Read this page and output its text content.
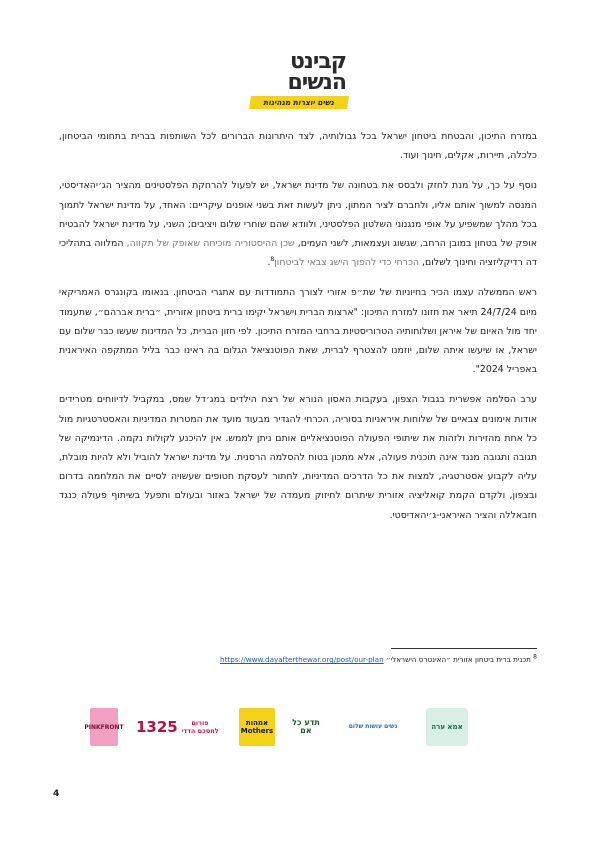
קבינט
הנשים
נשים יוצרות מנהיגות

במזרח התיכון, והבטחת ביטחון ישראל בכל גבולותיה, לצד היתרונות הברורים לכל השותפות בברית בתחומי הביטחון, כלכלה, תיירות, אקלים, חינוך ועוד.

נוסף על כך, על מנת לחזק ולבסס את בטחונה של מדינת ישראל, יש לפעול להרחקת הפלסטינים מהציר הג׳יהאדיסטי, המנסה למשוך אותם אליו, ולחברם לציר המתון. ניתן לעשות זאת בשני אופנים עיקריים: האחד, על מדינת ישראל לתמוך בכל מהלך שמשפיע על אופי מנגנוני השלטון הפלסטיני, ולוודא שהם שוחרי שלום ויציבים; השני, על מדינת ישראל להבטיח אופק של בטחון במובן הרחב, שגשוג ועצמאות, לשני העמים, שכן ההיסטוריה מוכיחה שאופק של תקווה, המלווה בתהליכי דה רדיקליזציה וחינוך לשלום, הכרחי כדי להפוך הישג צבאי לביטחון$^8$.

ראש הממשלה עצמו הכיר בחיוניות של שת״פ אזורי לצורך התמודדות עם אתגרי הביטחון. בנאומו בקונגרס האמריקאי מיום 24/7/24 תיאר את חזונו למזרח התיכון: "ארצות הברית וישראל יקימו ברית ביטחון אזורית, ״ברית אברהם״, שתעמוד יחד מול האיום של איראן ושלוחותיה הטרוריסטיות ברחבי המזרח התיכון. לפי חזון הברית, כל המדינות שעשו כבר שלום עם ישראל, או שיעשו איתה שלום, יוזמנו להצטרף לברית, שאת הפוטנציאל הגלום בה ראינו כבר בליל המתקפה האיראנית באפריל 2024".

ערב הסלמה אפשרית בגבול הצפון, בעקבות האסון הנורא של רצח הילדים במג׳דל שמס, במקביל לדיווחים מטרידים אודות אימונים צבאיים של שלוחות איראניות בסוריה, הכרחי להגדיר מבעוד מועד את המטרות המדיניות והאסטרטגיות מול כל אחת מהזירות ולזהות את שיתופי הפעולה הפוטנציאליים אותם ניתן לממש. אין להיכנע לקולות נקמה. הדינמיקה של תגובה ותגובה מנגד אינה תוכנית פעולה, אלא מתכון בטוח להסלמה הרסנית. על מדינת ישראל להוביל ולא להיות מובלת, עליה לקבוע אסטרטגיה, למצות את כל הדרכים המדיניות, לחתור לעסקת חטופים שעשויה לסיים את המלחמה בדרום ובצפון, ולקדם הקמת קואליציה אזורית שיתרום לחיזוק מעמדה של ישראל באזור ובעולם ותפעל בשיתוף פעולה כנגד חזבאללה והציר האיראני-ג׳יהאדיסטי.

$^8$ תכנית ברית ביטחון אזורית ״האינטרס הישראלי״ https://www.dayafterthewar.org/post/our-plan
PINKFRONT	פורום לחסכם הדדי

1325	אמהות Mothers
תדע כל אם	נשים עושות שלום	אמא ערה
4
